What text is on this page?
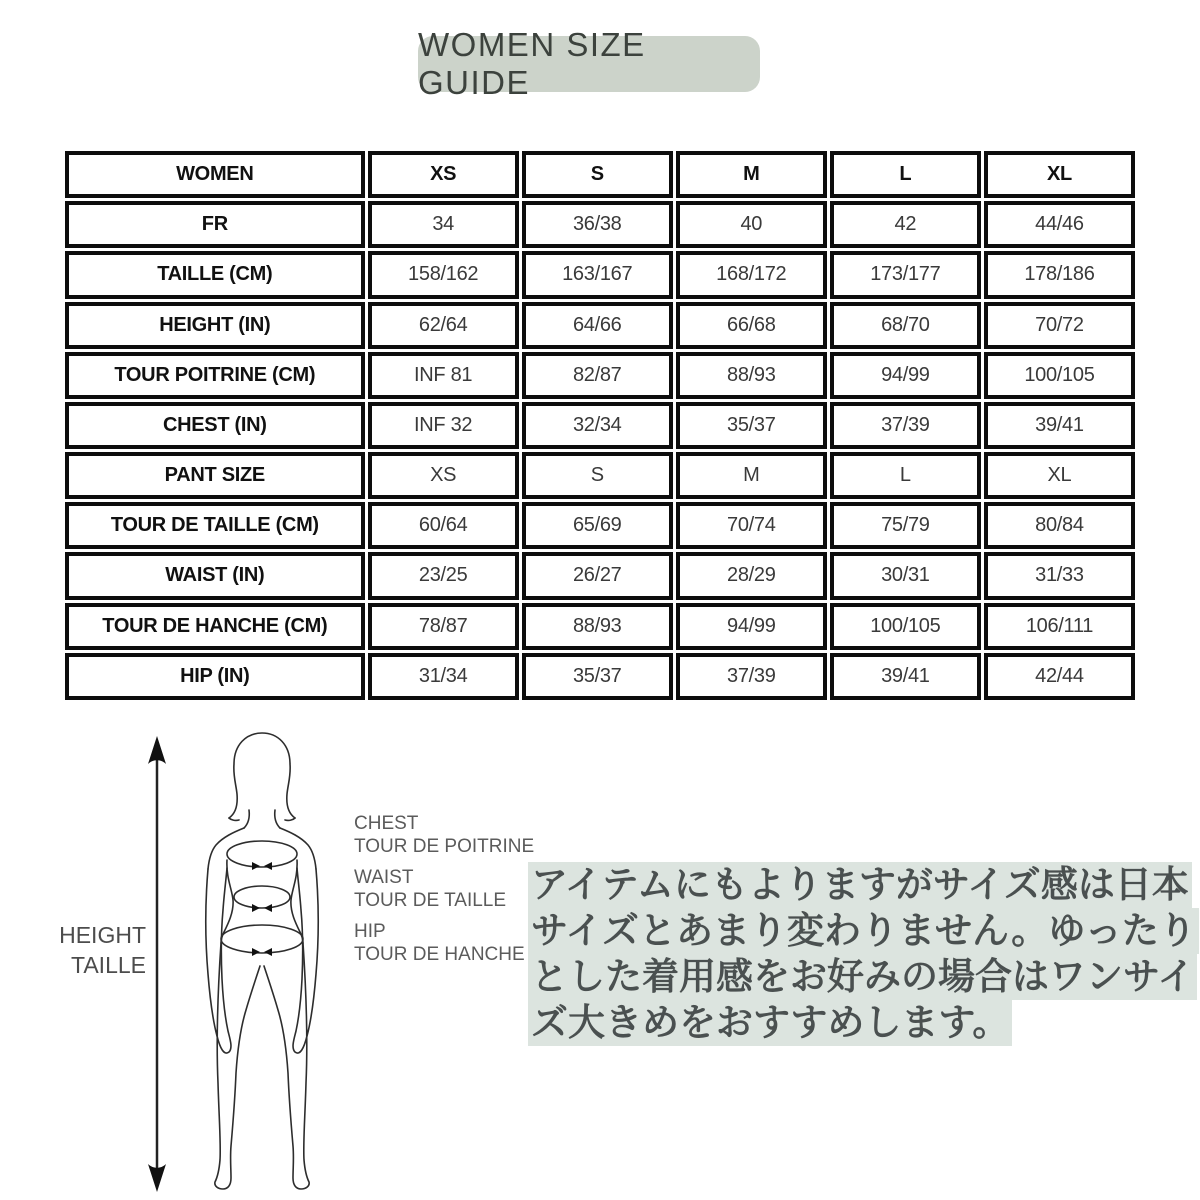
WOMEN SIZE GUIDE
WOMEN	XS	S	M	L	XL
FR	34	36/38	40	42	44/46
TAILLE (CM)	158/162	163/167	168/172	173/177	178/186
HEIGHT (IN)	62/64	64/66	66/68	68/70	70/72
TOUR POITRINE (CM)	INF 81	82/87	88/93	94/99	100/105
CHEST (IN)	INF 32	32/34	35/37	37/39	39/41
PANT SIZE	XS	S	M	L	XL
TOUR DE TAILLE (CM)	60/64	65/69	70/74	75/79	80/84
WAIST (IN)	23/25	26/27	28/29	30/31	31/33
TOUR DE HANCHE (CM)	78/87	88/93	94/99	100/105	106/111
HIP (IN)	31/34	35/37	37/39	39/41	42/44
HEIGHT
TAILLE
CHEST
TOUR DE POITRINE
WAIST
TOUR DE TAILLE
HIP
TOUR DE HANCHE
アイテムにもよりますがサイズ感は日本
サイズとあまり変わりません。ゆったり
とした着用感をお好みの場合はワンサイ
ズ大きめをおすすめします。
